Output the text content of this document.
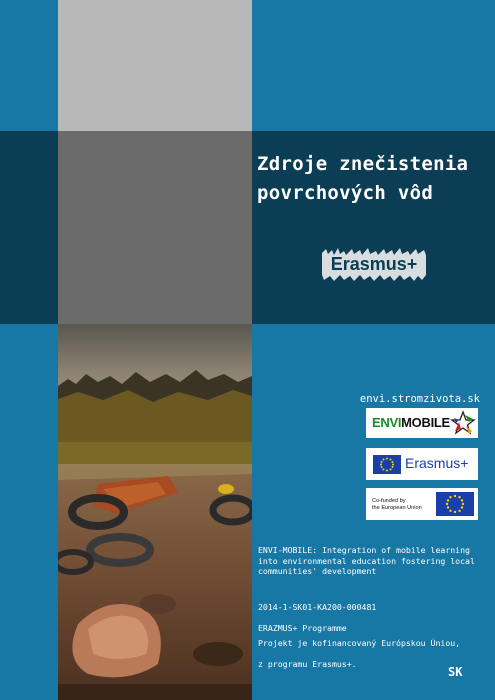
Zdroje znečistenia
povrchových vôd
Erasmus+
envi.stromzivota.sk
ENVIMOBILE
Erasmus+
Co-funded by
the European Union
ENVI-MOBILE: Integration of mobile learning
into environmental education fostering local
communities' development

2014-1-SK01-KA200-000481

ERAZMUS+ Programme

Projekt je kofinancovaný Európskou Úniou,

z programu Erasmus+.

SK
